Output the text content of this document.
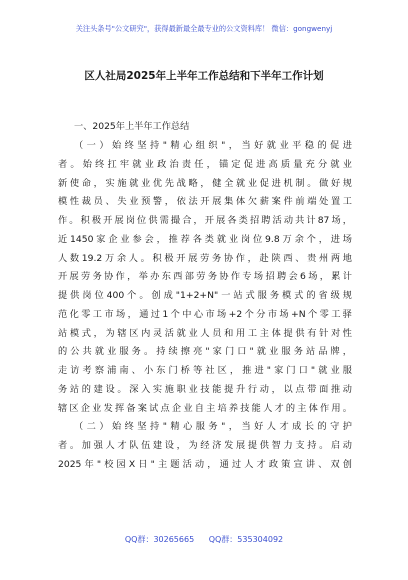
关注头条号"公文研究"，获得最新最全最专业的公文资料库！ 微信：gongwenyj
区人社局2025年上半年工作总结和下半年工作计划
一、2025年上半年工作总结
（一）始终坚持"精心组织"，当好就业平稳的促进
者。始终扛牢就业政治责任，锚定促进高质量充分就业
新使命，实施就业优先战略，健全就业促进机制。做好规
模性裁员、失业预警，依法开展集体欠薪案件前端处置工
作。积极开展岗位供需撮合，开展各类招聘活动共计87场，
近1450家企业参会，推荐各类就业岗位9.8万余个，进场
人数19.2万余人。积极开展劳务协作，赴陕西、贵州两地
开展劳务协作，举办东西部劳务协作专场招聘会6场，累计
提供岗位400个。创成"1+2+N"一站式服务模式的省级规
范化零工市场，通过1个中心市场+2个分市场+N个零工驿
站模式，为辖区内灵活就业人员和用工主体提供有针对性
的公共就业服务。持续擦亮"家门口"就业服务站品牌，
走访考察浦南、小东门桥等社区，推进"家门口"就业服
务站的建设。深入实施职业技能提升行动，以点带面推动
辖区企业发挥备案试点企业自主培养技能人才的主体作用。
（二）始终坚持"精心服务"，当好人才成长的守护
者。加强人才队伍建设，为经济发展提供智力支持。启动
2025年"校园X日"主题活动，通过人才政策宣讲、双创
QQ群：30265665 QQ群：535304092
